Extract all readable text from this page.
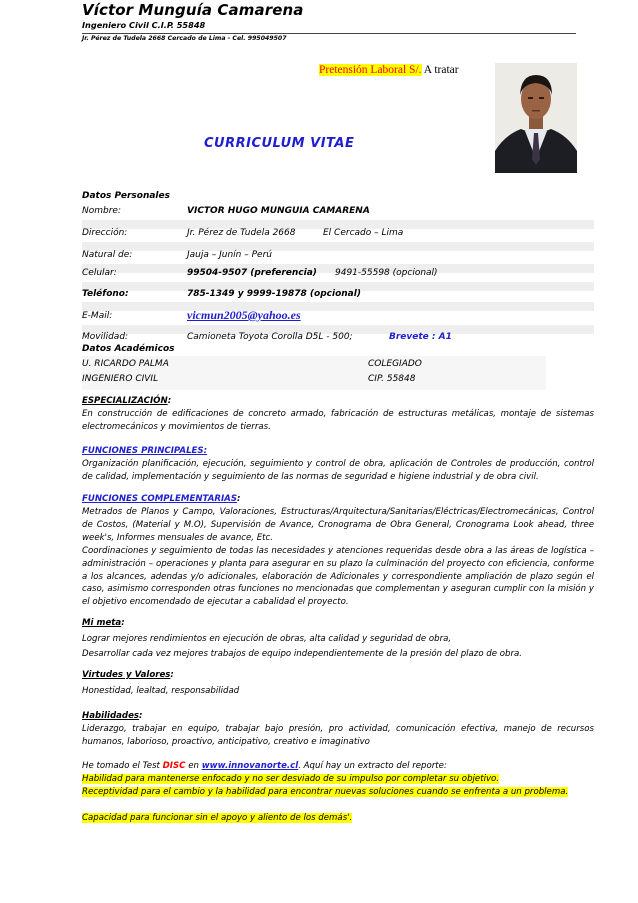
Víctor Munguía Camarena
Ingeniero Civil C.I.P. 55848
Jr. Pérez de Tudela 2668 Cercado de Lima - Cel. 995049507
Pretensión Laboral S/. A tratar
CURRICULUM VITAE
Datos Personales
Nombre:	VICTOR HUGO MUNGUIA CAMARENA
Dirección:	Jr. Pérez de Tudela 2668	El Cercado – Lima
Natural de:	Jauja – Junín – Perú
Celular:	99504-9507 (preferencia) 9491-55598 (opcional)
Teléfono:	785-1349 y 9999-19878 (opcional)
E-Mail:	vicmun2005@yahoo.es
Movilidad:	Camioneta Toyota Corolla D5L - 500;	Brevete : A1
Datos Académicos
U. RICARDO PALMA	COLEGIADO
INGENIERO CIVIL	CIP. 55848
ESPECIALIZACIÓN:
En construcción de edificaciones de concreto armado, fabricación de estructuras metálicas, montaje de sistemas electromecánicos y movimientos de tierras.
FUNCIONES PRINCIPALES:
Organización planificación, ejecución, seguimiento y control de obra, aplicación de Controles de producción, control de calidad, implementación y seguimiento de las normas de seguridad e higiene industrial y de obra civil.
FUNCIONES COMPLEMENTARIAS:
Metrados de Planos y Campo, Valoraciones, Estructuras/Arquitectura/Sanitarias/Eléctricas/Electromecánicas, Control de Costos, (Material y M.O), Supervisión de Avance, Cronograma de Obra General, Cronograma Look ahead, three week's, Informes mensuales de avance, Etc.
Coordinaciones y seguimiento de todas las necesidades y atenciones requeridas desde obra a las áreas de logística – administración – operaciones y planta para asegurar en su plazo la culminación del proyecto con eficiencia, conforme a los alcances, adendas y/o adicionales, elaboración de Adicionales y correspondiente ampliación de plazo según el caso, asimismo corresponden otras funciones no mencionadas que complementan y aseguran cumplir con la misión y el objetivo encomendado de ejecutar a cabalidad el proyecto.
Mi meta:
Lograr mejores rendimientos en ejecución de obras, alta calidad y seguridad de obra,
Desarrollar cada vez mejores trabajos de equipo independientemente de la presión del plazo de obra.
Virtudes y Valores:
Honestidad, lealtad, responsabilidad
Habilidades:
Liderazgo, trabajar en equipo, trabajar bajo presión, pro actividad, comunicación efectiva, manejo de recursos humanos, laborioso, proactivo, anticipativo, creativo e imaginativo
He tomado el Test DISC en www.innovanorte.cl. Aquí hay un extracto del reporte:
Habilidad para mantenerse enfocado y no ser desviado de su impulso por completar su objetivo.
Receptividad para el cambio y la habilidad para encontrar nuevas soluciones cuando se enfrenta a un problema.
Capacidad para funcionar sin el apoyo y aliento de los demás'.
